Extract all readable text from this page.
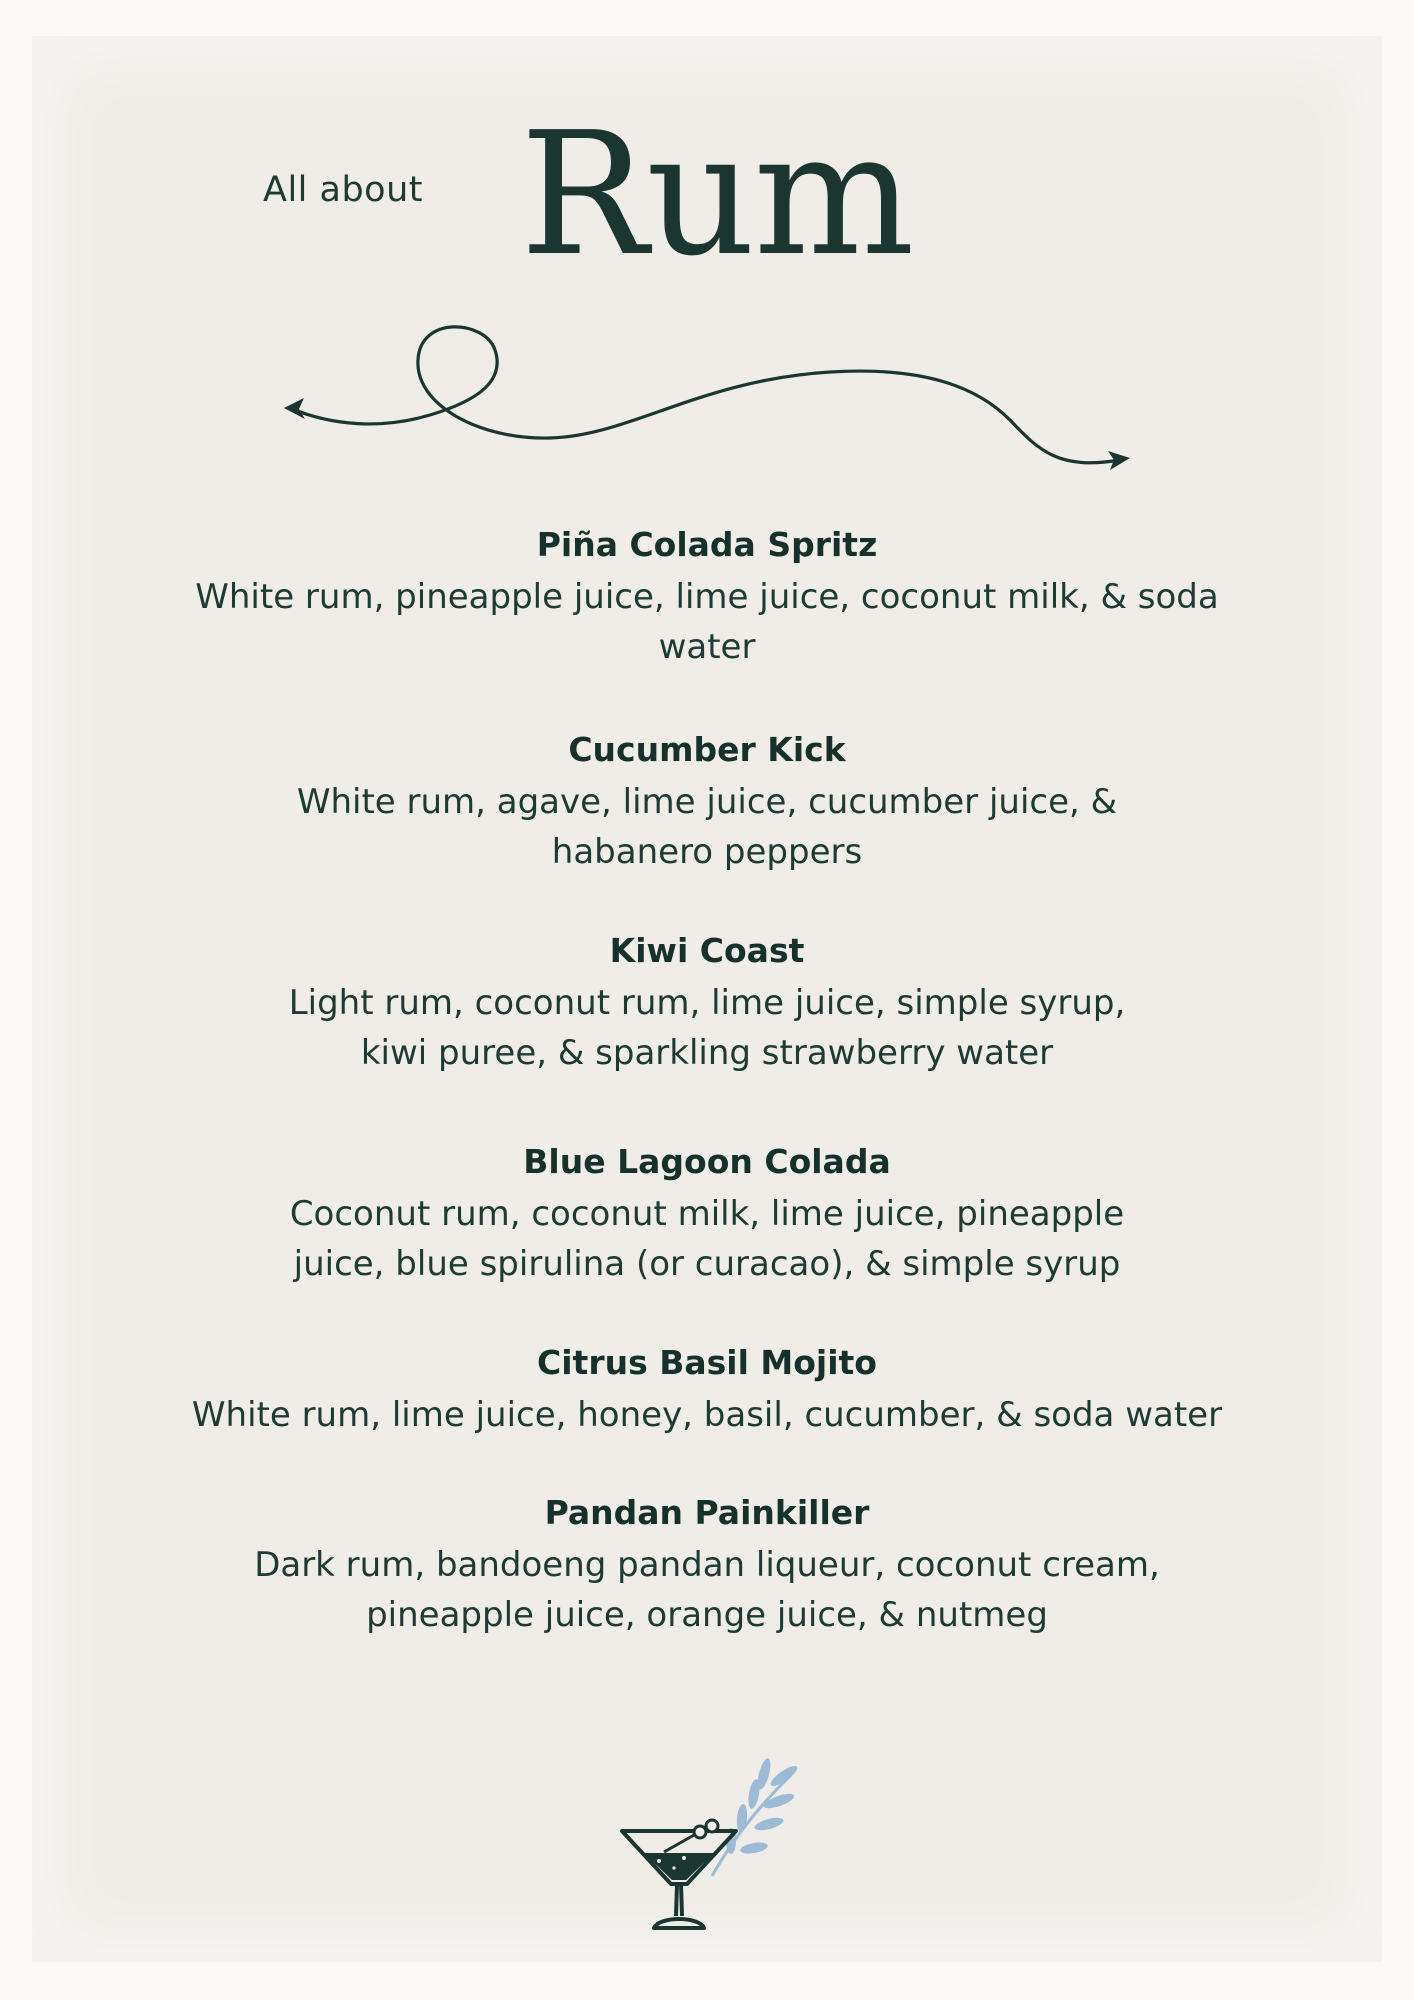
All about Rum
Piña Colada Spritz
White rum, pineapple juice, lime juice, coconut milk, & soda water
Cucumber Kick
White rum, agave, lime juice, cucumber juice, & habanero peppers
Kiwi Coast
Light rum, coconut rum, lime juice, simple syrup, kiwi puree, & sparkling strawberry water
Blue Lagoon Colada
Coconut rum, coconut milk, lime juice, pineapple juice, blue spirulina (or curacao), & simple syrup
Citrus Basil Mojito
White rum, lime juice, honey, basil, cucumber, & soda water
Pandan Painkiller
Dark rum, bandoeng pandan liqueur, coconut cream, pineapple juice, orange juice, & nutmeg
